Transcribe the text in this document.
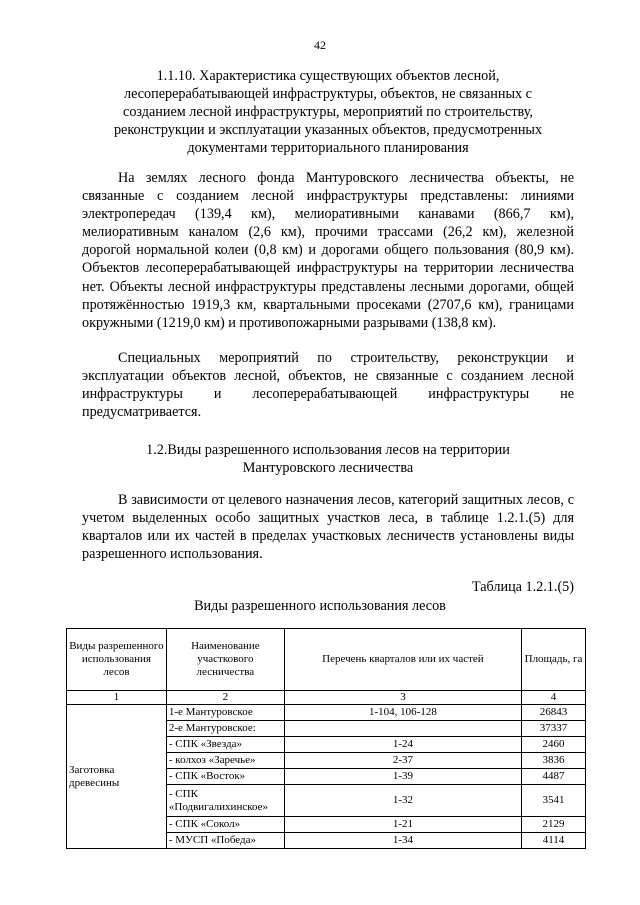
42
1.1.10. Характеристика существующих объектов лесной,
лесоперерабатывающей инфраструктуры, объектов, не связанных с
созданием лесной инфраструктуры, мероприятий по строительству,
реконструкции и эксплуатации указанных объектов, предусмотренных
документами территориального планирования

На землях лесного фонда Мантуровского лесничества объекты, не связанные с созданием лесной инфраструктуры представлены: линиями электропередач (139,4 км), мелиоративными канавами (866,7 км), мелиоративным каналом (2,6 км), прочими трассами (26,2 км), железной дорогой нормальной колеи (0,8 км) и дорогами общего пользования (80,9 км). Объектов лесоперерабатывающей инфраструктуры на территории лесничества нет. Объекты лесной инфраструктуры представлены лесными дорогами, общей протяжённостью 1919,3 км, квартальными просеками (2707,6 км), границами окружными (1219,0 км) и противопожарными разрывами (138,8 км).

Специальных мероприятий по строительству, реконструкции и эксплуатации объектов лесной, объектов, не связанные с созданием лесной инфраструктуры и лесоперерабатывающей инфраструктуры не предусматривается.

1.2.Виды разрешенного использования лесов на территории
Мантуровского лесничества

В зависимости от целевого назначения лесов, категорий защитных лесов, с учетом выделенных особо защитных участков леса, в таблице 1.2.1.(5) для кварталов или их частей в пределах участковых лесничеств установлены виды разрешенного использования.

Таблица 1.2.1.(5)
Виды разрешенного использования лесов
Виды разрешенного использования лесов	Наименование участкового лесничества	Перечень кварталов или их частей	Площадь, га
1	2	3	4
Заготовка древесины	1-е Мантуровское	1-104, 106-128	26843
	2-е Мантуровское:		37337
	- СПК «Звезда»	1-24	2460
	- колхоз «Заречье»	2-37	3836
	- СПК «Восток»	1-39	4487
	- СПК «Подвигалихинское»	1-32	3541
	- СПК «Сокол»	1-21	2129
	- МУСП «Победа»	1-34	4114
